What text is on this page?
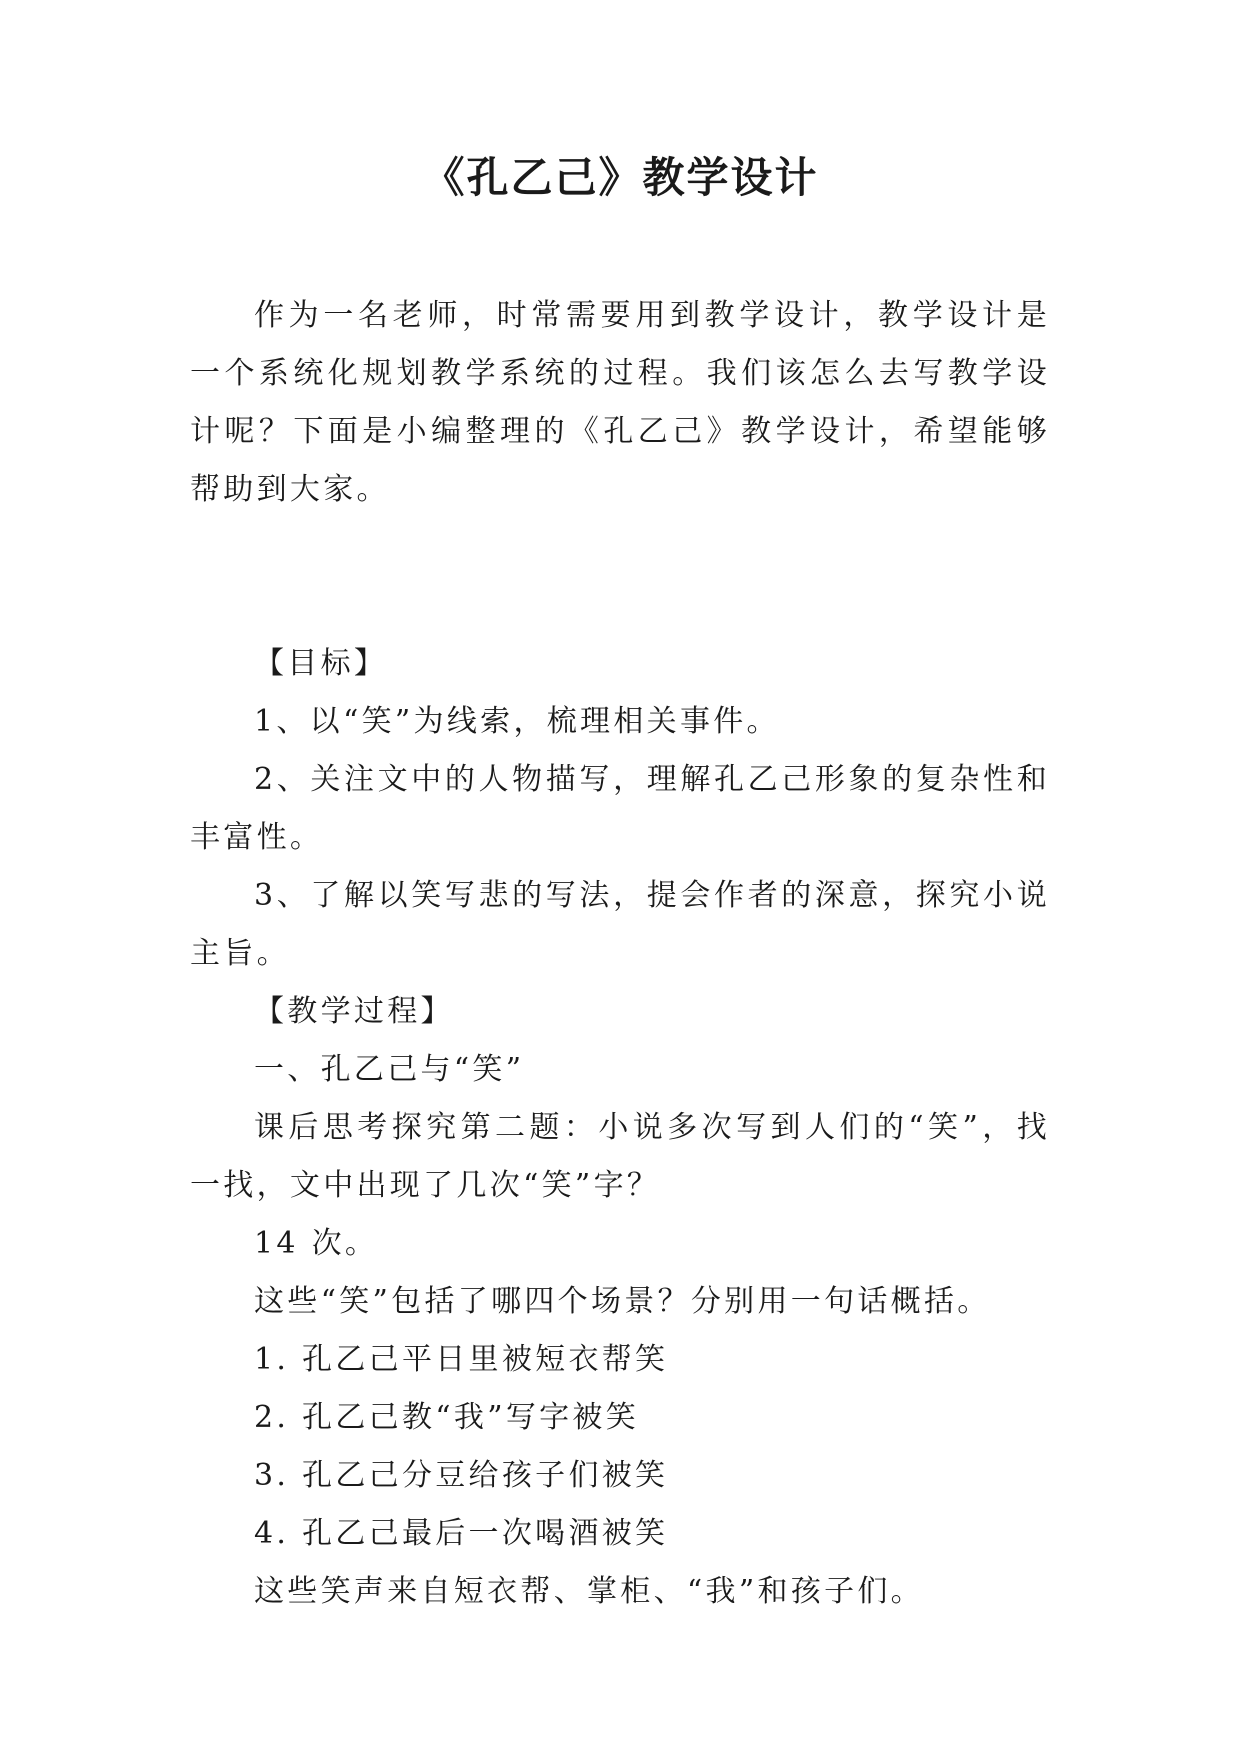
《孔乙己》教学设计

作为一名老师，时常需要用到教学设计，教学设计是一个系统化规划教学系统的过程。我们该怎么去写教学设计呢？下面是小编整理的《孔乙己》教学设计，希望能够帮助到大家。

【目标】

1、以“笑”为线索，梳理相关事件。

2、关注文中的人物描写，理解孔乙己形象的复杂性和丰富性。

3、了解以笑写悲的写法，提会作者的深意，探究小说主旨。

【教学过程】

一、孔乙己与“笑”

课后思考探究第二题：小说多次写到人们的“笑”，找一找，文中出现了几次“笑”字？

14 次。

这些“笑”包括了哪四个场景？分别用一句话概括。

1. 孔乙己平日里被短衣帮笑

2. 孔乙己教“我”写字被笑

3. 孔乙己分豆给孩子们被笑

4. 孔乙己最后一次喝酒被笑

这些笑声来自短衣帮、掌柜、“我”和孩子们。
